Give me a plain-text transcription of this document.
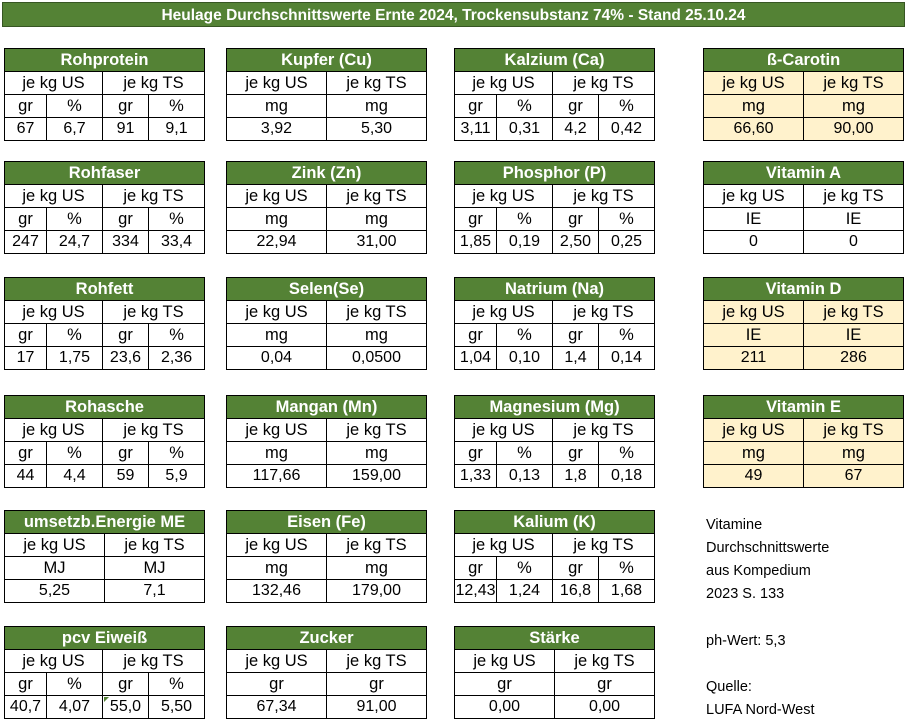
Heulage Durchschnittswerte Ernte 2024, Trockensubstanz 74% - Stand 25.10.24
Rohprotein			
je kg US		je kg TS	
gr	%	gr	%
67	6,7	91	9,1
Kupfer (Cu)	
je kg US	je kg TS
mg	mg
3,92	5,30
Kalzium (Ca)			
je kg US		je kg TS	
gr	%	gr	%
3,11	0,31	4,2	0,42
ß-Carotin	
je kg US	je kg TS
mg	mg
66,60	90,00
Rohfaser			
je kg US		je kg TS	
gr	%	gr	%
247	24,7	334	33,4
Zink (Zn)	
je kg US	je kg TS
mg	mg
22,94	31,00
Phosphor (P)			
je kg US		je kg TS	
gr	%	gr	%
1,85	0,19	2,50	0,25
Vitamin A	
je kg US	je kg TS
IE	IE
0	0
Rohfett			
je kg US		je kg TS	
gr	%	gr	%
17	1,75	23,6	2,36
Selen(Se)	
je kg US	je kg TS
mg	mg
0,04	0,0500
Natrium (Na)			
je kg US		je kg TS	
gr	%	gr	%
1,04	0,10	1,4	0,14
Vitamin D	
je kg US	je kg TS
IE	IE
211	286
Rohasche			
je kg US		je kg TS	
gr	%	gr	%
44	4,4	59	5,9
Mangan (Mn)	
je kg US	je kg TS
mg	mg
117,66	159,00
Magnesium (Mg)			
je kg US		je kg TS	
gr	%	gr	%
1,33	0,13	1,8	0,18
Vitamin E	
je kg US	je kg TS
mg	mg
49	67
umsetzb.Energie ME	
je kg US	je kg TS
MJ	MJ
5,25	7,1
Eisen (Fe)	
je kg US	je kg TS
mg	mg
132,46	179,00
Kalium (K)			
je kg US		je kg TS	
gr	%	gr	%
12,43	1,24	16,8	1,68
pcv Eiweiß			
je kg US		je kg TS	
gr	%	gr	%
40,7	4,07	55,0	5,50
Zucker	
je kg US	je kg TS
gr	gr
67,34	91,00
Stärke	
je kg US	je kg TS
gr	gr
0,00	0,00
Vitamine
Durchschnittswerte
aus Kompedium
2023 S. 133
ph-Wert: 5,3
Quelle:
LUFA Nord-West
